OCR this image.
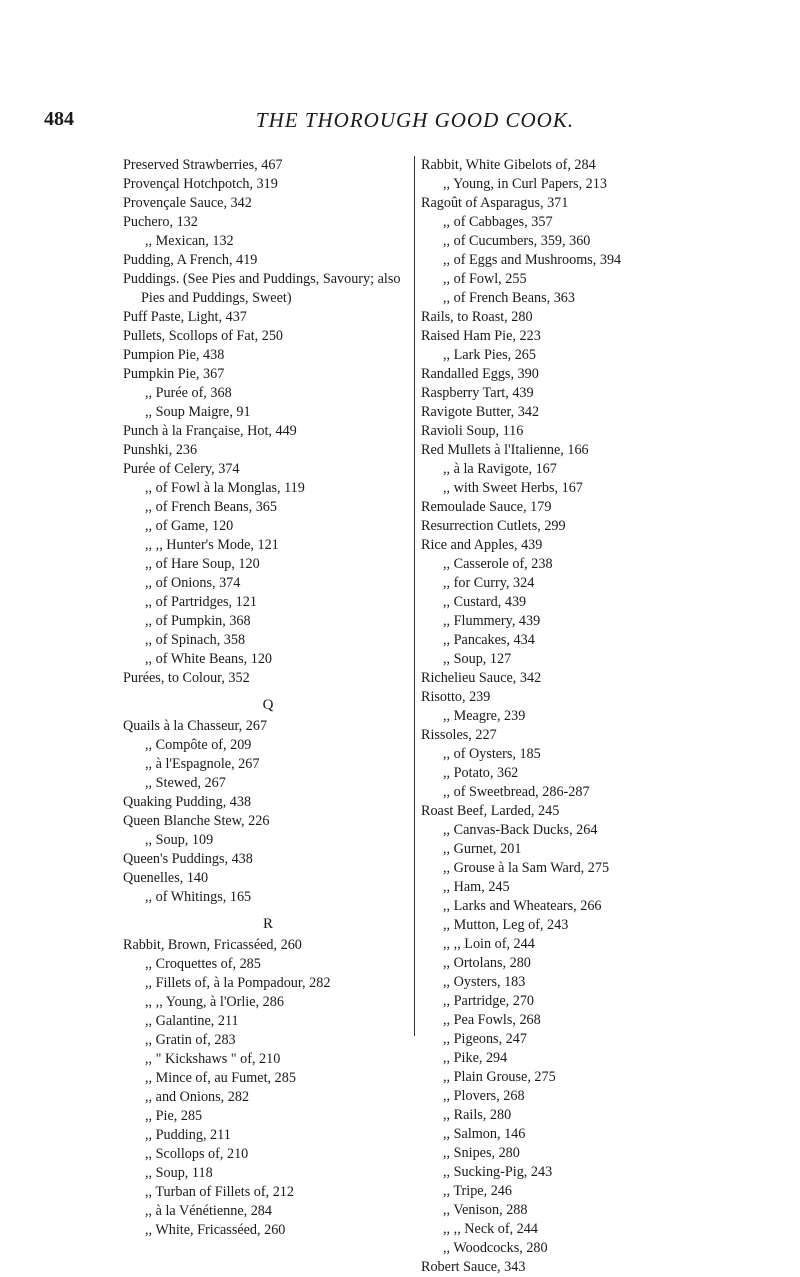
484	THE THOROUGH GOOD COOK.
Preserved Strawberries, 467
Provençal Hotchpotch, 319
Provençale Sauce, 342
Puchero, 132
,, Mexican, 132
Pudding, A French, 419
Puddings. (See Pies and Puddings, Savoury; also Pies and Puddings, Sweet)
Puff Paste, Light, 437
Pullets, Scollops of Fat, 250
Pumpion Pie, 438
Pumpkin Pie, 367
,, Purée of, 368
,, Soup Maigre, 91
Punch à la Française, Hot, 449
Punshki, 236
Purée of Celery, 374
,, of Fowl à la Monglas, 119
,, of French Beans, 365
,, of Game, 120
,, ,, Hunter's Mode, 121
,, of Hare Soup, 120
,, of Onions, 374
,, of Partridges, 121
,, of Pumpkin, 368
,, of Spinach, 358
,, of White Beans, 120
Purées, to Colour, 352
Q
Quails à la Chasseur, 267
,, Compôte of, 209
,, à l'Espagnole, 267
,, Stewed, 267
Quaking Pudding, 438
Queen Blanche Stew, 226
,, Soup, 109
Queen's Puddings, 438
Quenelles, 140
,, of Whitings, 165
R
Rabbit, Brown, Fricasséed, 260
,, Croquettes of, 285
,, Fillets of, à la Pompadour, 282
,, ,, Young, à l'Orlie, 286
,, Galantine, 211
,, Gratin of, 283
,, " Kickshaws " of, 210
,, Mince of, au Fumet, 285
,, and Onions, 282
,, Pie, 285
,, Pudding, 211
,, Scollops of, 210
,, Soup, 118
,, Turban of Fillets of, 212
,, à la Vénétienne, 284
,, White, Fricasséed, 260
Rabbit, White Gibelots of, 284
,, Young, in Curl Papers, 213
Ragoût of Asparagus, 371
,, of Cabbages, 357
,, of Cucumbers, 359, 360
,, of Eggs and Mushrooms, 394
,, of Fowl, 255
,, of French Beans, 363
Rails, to Roast, 280
Raised Ham Pie, 223
,, Lark Pies, 265
Randalled Eggs, 390
Raspberry Tart, 439
Ravigote Butter, 342
Ravioli Soup, 116
Red Mullets à l'Italienne, 166
,, à la Ravigote, 167
,, with Sweet Herbs, 167
Remoulade Sauce, 179
Resurrection Cutlets, 299
Rice and Apples, 439
,, Casserole of, 238
,, for Curry, 324
,, Custard, 439
,, Flummery, 439
,, Pancakes, 434
,, Soup, 127
Richelieu Sauce, 342
Risotto, 239
,, Meagre, 239
Rissoles, 227
,, of Oysters, 185
,, Potato, 362
,, of Sweetbread, 286-287
Roast Beef, Larded, 245
,, Canvas-Back Ducks, 264
,, Gurnet, 201
,, Grouse à la Sam Ward, 275
,, Ham, 245
,, Larks and Wheatears, 266
,, Mutton, Leg of, 243
,, ,, Loin of, 244
,, Ortolans, 280
,, Oysters, 183
,, Partridge, 270
,, Pea Fowls, 268
,, Pigeons, 247
,, Pike, 294
,, Plain Grouse, 275
,, Plovers, 268
,, Rails, 280
,, Salmon, 146
,, Snipes, 280
,, Sucking-Pig, 243
,, Tripe, 246
,, Venison, 288
,, ,, Neck of, 244
,, Woodcocks, 280
Robert Sauce, 343
